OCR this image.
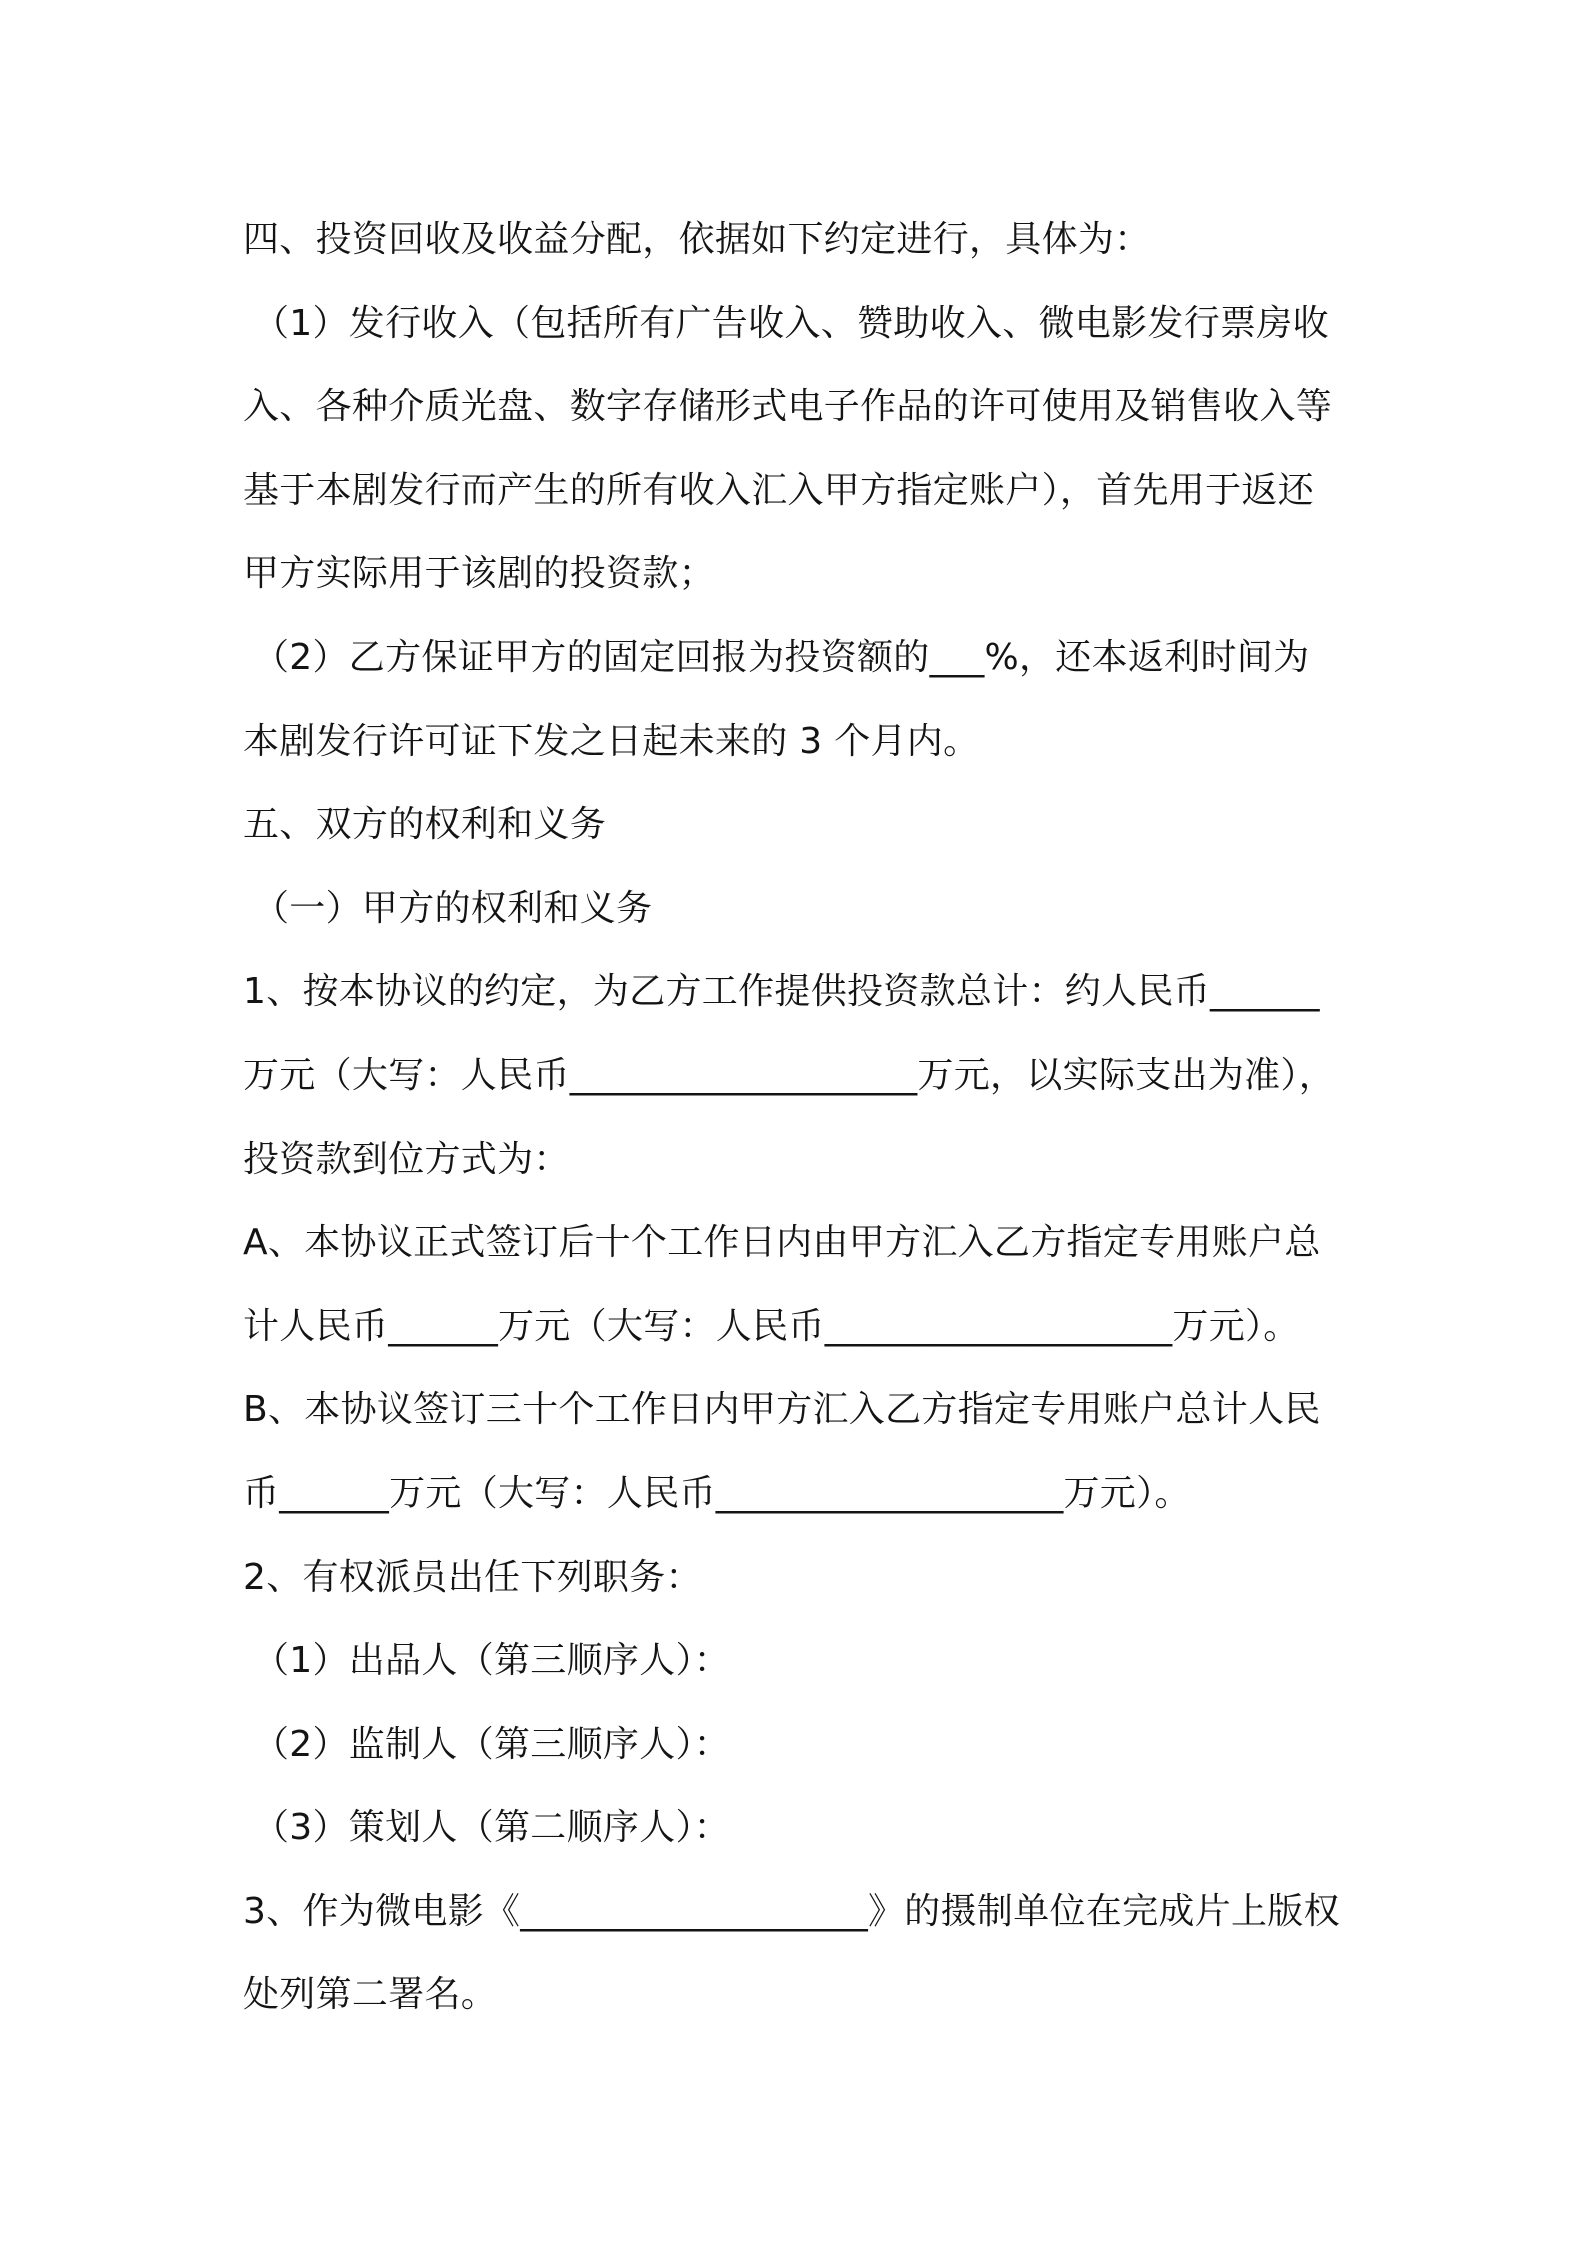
四、投资回收及收益分配，依据如下约定进行，具体为：
（1）发行收入（包括所有广告收入、赞助收入、微电影发行票房收
入、各种介质光盘、数字存储形式电子作品的许可使用及销售收入等
基于本剧发行而产生的所有收入汇入甲方指定账户），首先用于返还
甲方实际用于该剧的投资款；
（2）乙方保证甲方的固定回报为投资额的___%，还本返利时间为
本剧发行许可证下发之日起未来的 3 个月内。
五、双方的权利和义务
（一）甲方的权利和义务
1、按本协议的约定，为乙方工作提供投资款总计：约人民币______
万元（大写：人民币___________________万元，以实际支出为准），
投资款到位方式为：
A、本协议正式签订后十个工作日内由甲方汇入乙方指定专用账户总
计人民币______万元（大写：人民币___________________万元）。
B、本协议签订三十个工作日内甲方汇入乙方指定专用账户总计人民
币______万元（大写：人民币___________________万元）。
2、有权派员出任下列职务：
（1）出品人（第三顺序人）：
（2）监制人（第三顺序人）：
（3）策划人（第二顺序人）：
3、作为微电影《___________________》的摄制单位在完成片上版权
处列第二署名。
